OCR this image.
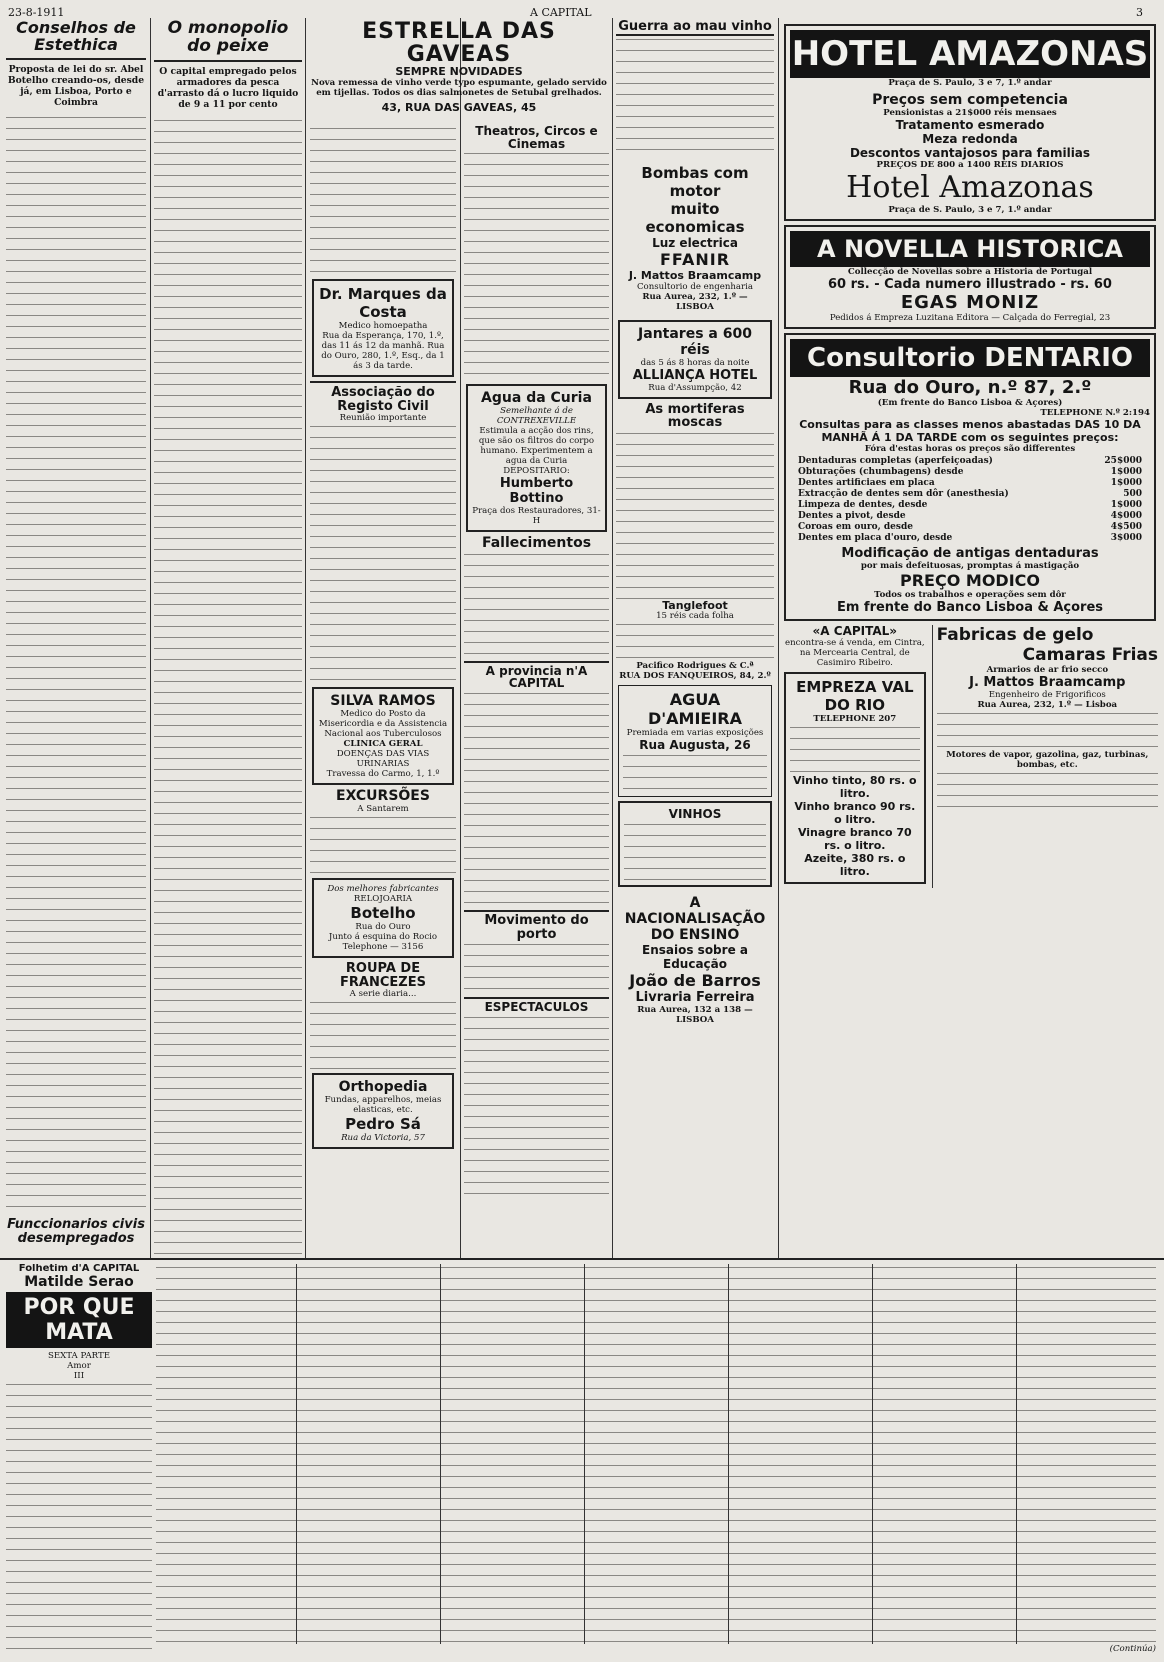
23-8-1911	A CAPITAL	3
Conselhos de Estethica
Proposta de lei do sr. Abel Botelho creando-os, desde já, em Lisboa, Porto e Coimbra
Funccionarios civis desempregados
O monopolio do peixe
O capital empregado pelos armadores da pesca d'arrasto dá o lucro liquido de 9 a 11 por cento
ESTRELLA DAS GAVEAS
SEMPRE NOVIDADES
Nova remessa de vinho verde typo espumante, gelado servido em tijellas. Todos os dias salmonetes de Setubal grelhados.
43, RUA DAS GAVEAS, 45
Dr. Marques da Costa
Medico homoepatha
Rua da Esperança, 170, 1.º, das 11 ás 12 da manhã. Rua do Ouro, 280, 1.º, Esq., da 1 ás 3 da tarde.
Associação do Registo Civil
Reunião importante
SILVA RAMOS
Medico do Posto da Misericordia e da Assistencia Nacional aos Tuberculosos
CLINICA GERAL
DOENÇAS DAS VIAS URINARIAS
Travessa do Carmo, 1, 1.º
EXCURSÕES
A Santarem
Dos melhores fabricantes
RELOJOARIA
Botelho
Rua do Ouro
Junto á esquina do Rocio
Telephone — 3156
ROUPA DE FRANCEZES
A serie diaria...
Orthopedia
Fundas, apparelhos, meias elasticas, etc.
Pedro Sá
Rua da Victoria, 57
Theatros, Circos e Cinemas
Agua da Curia
Semelhante á de CONTREXEVILLE
Estimula a acção dos rins, que são os filtros do corpo humano. Experimentem a agua da Curia
DEPOSITARIO:
Humberto Bottino
Praça dos Restauradores, 31-H
Fallecimentos
A provincia n'A CAPITAL
Movimento do porto
ESPECTACULOS
Guerra ao mau vinho
Bombas com motor
muito economicas
Luz electrica
FFANIR
J. Mattos Braamcamp
Consultorio de engenharia
Rua Aurea, 232, 1.º — LISBOA
Jantares a 600 réis
das 5 ás 8 horas da noite
ALLIANÇA HOTEL
Rua d'Assumpção, 42
As mortiferas moscas
Tanglefoot
15 réis cada folha
Pacifico Rodrigues & C.ª
RUA DOS FANQUEIROS, 84, 2.º
AGUA D'AMIEIRA
Premiada em varias exposições
Rua Augusta, 26
VINHOS
A NACIONALISAÇÃO DO ENSINO
Ensaios sobre a Educação
João de Barros
Livraria Ferreira
Rua Aurea, 132 a 138 — LISBOA
HOTEL AMAZONAS
Praça de S. Paulo, 3 e 7, 1.º andar
Preços sem competencia
Pensionistas a 21$000 réis mensaes
Tratamento esmerado
Meza redonda
Descontos vantajosos para familias
PREÇOS DE 800 a 1400 RÉIS DIARIOS
Hotel Amazonas
Praça de S. Paulo, 3 e 7, 1.º andar
A NOVELLA HISTORICA
Collecção de Novellas sobre a Historia de Portugal
60 rs. - Cada numero illustrado - rs. 60
EGAS MONIZ
Pedidos á Empreza Luzitana Editora — Calçada do Ferregial, 23
Consultorio DENTARIO
Rua do Ouro, n.º 87, 2.º
(Em frente do Banco Lisboa & Açores)
TELEPHONE N.º 2:194
Consultas para as classes menos abastadas DAS 10 DA MANHÃ Á 1 DA TARDE com os seguintes preços:
Fóra d'estas horas os preços são differentes
Dentaduras completas (aperfeiçoadas)	25$000
Obturações (chumbagens) desde	1$000
Dentes artificiaes em placa	1$000
Extracção de dentes sem dôr (anesthesia)	500
Limpeza de dentes, desde	1$000
Dentes a pivot, desde	4$000
Coroas em ouro, desde	4$500
Dentes em placa d'ouro, desde	3$000
Modificação de antigas dentaduras
por mais defeituosas, promptas á mastigação
PREÇO MODICO
Todos os trabalhos e operações sem dôr
Em frente do Banco Lisboa & Açores
«A CAPITAL»
encontra-se á venda, em Cintra, na Mercearia Central, de Casimiro Ribeiro.
EMPREZA VAL DO RIO
TELEPHONE 207
Vinho tinto, 80 rs. o litro.
Vinho branco 90 rs. o litro.
Vinagre branco 70 rs. o litro.
Azeite, 380 rs. o litro.
Fabricas de gelo
Camaras Frias
Armarios de ar frio secco
J. Mattos Braamcamp
Engenheiro de Frigorificos
Rua Aurea, 232, 1.º — Lisboa
Motores de vapor, gazolina, gaz, turbinas, bombas, etc.
Folhetim d'A CAPITAL
Matilde Serao
POR QUE MATA
SEXTA PARTE
Amor
III
(Continúa)
